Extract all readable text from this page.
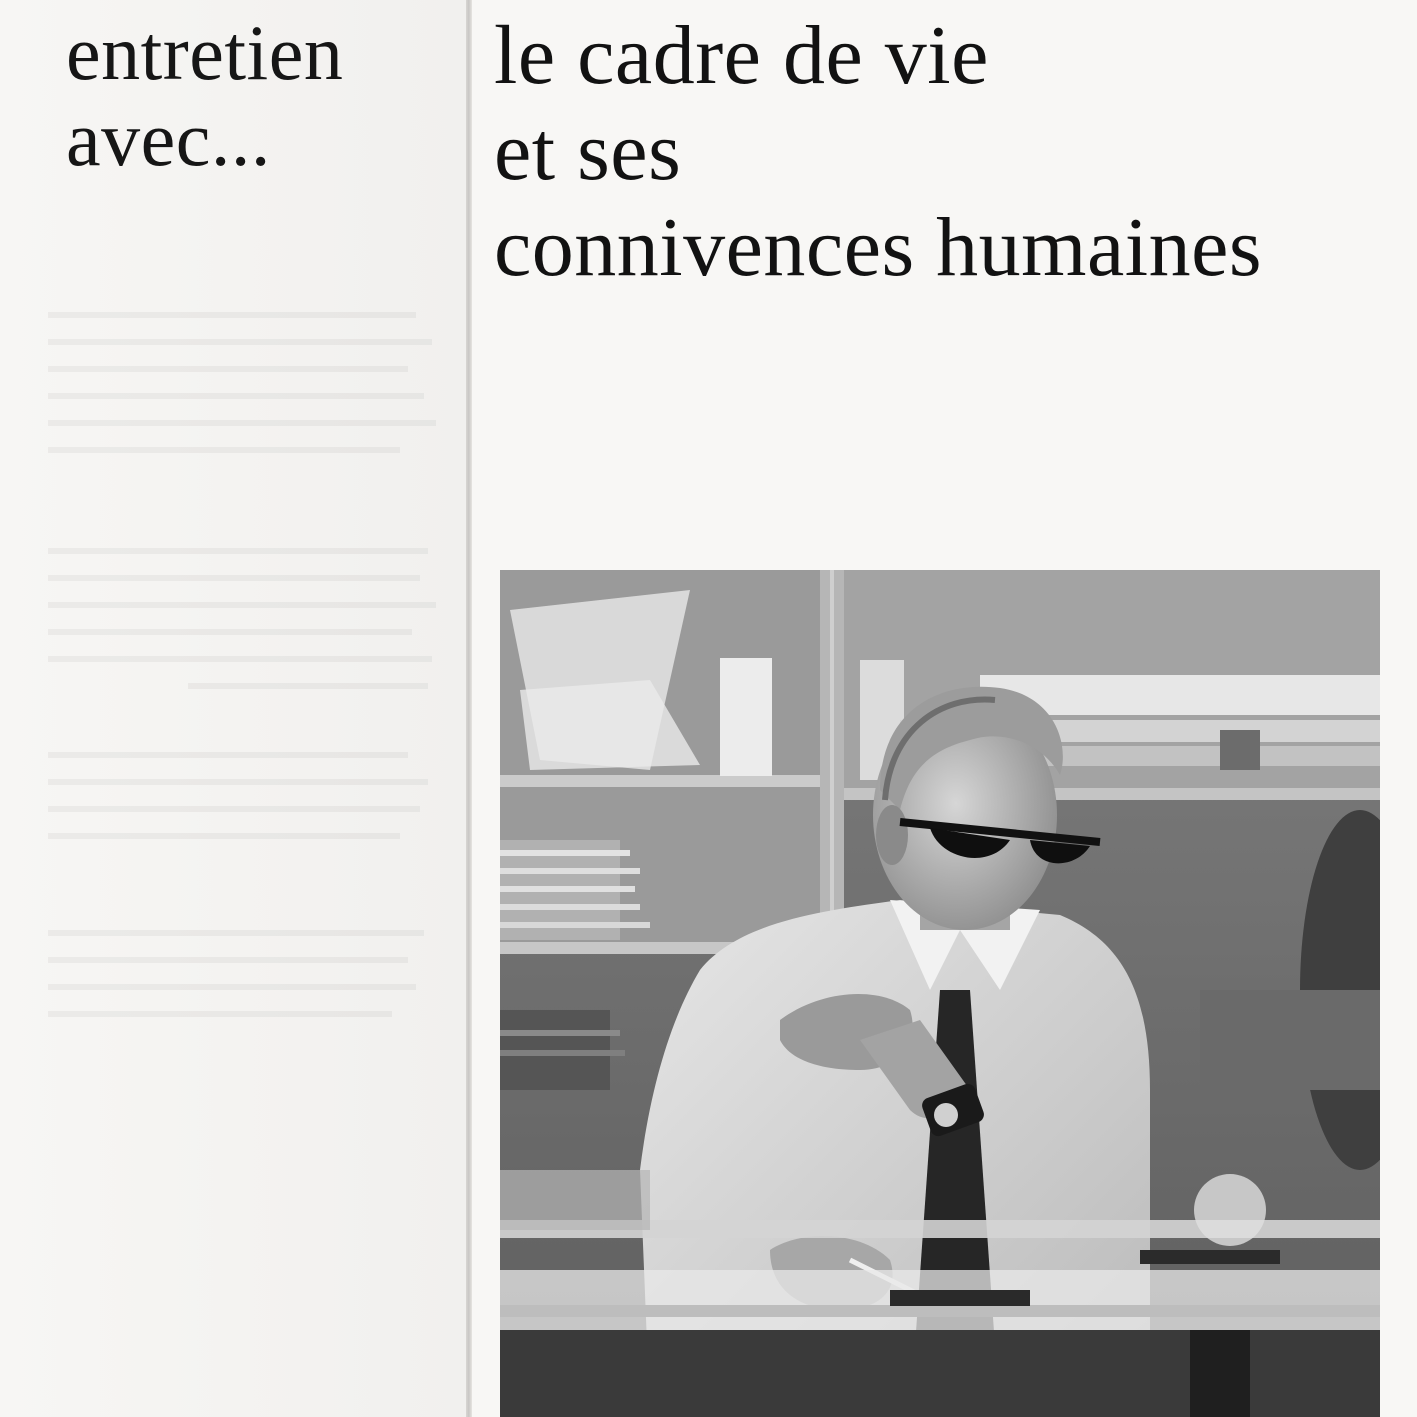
entretien
avec...
le cadre de vie
et ses
connivences humaines
